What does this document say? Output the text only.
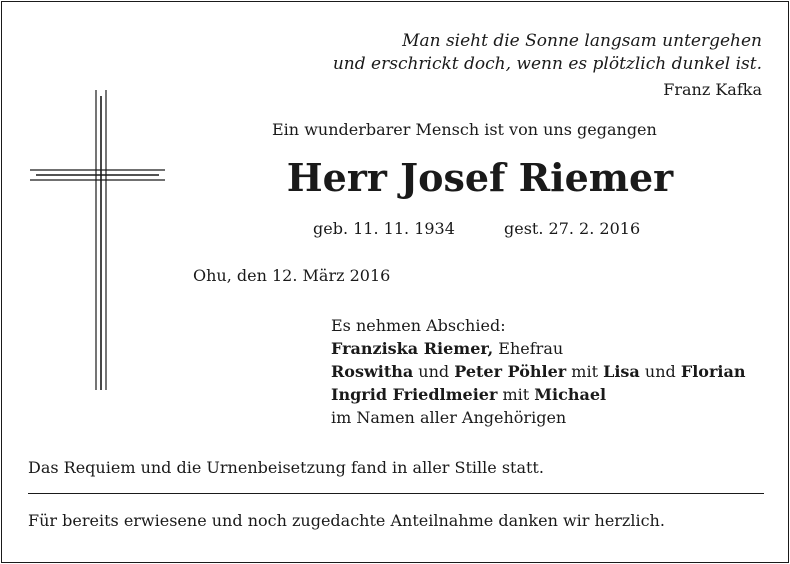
Man sieht die Sonne langsam untergehen
und erschrickt doch, wenn es plötzlich dunkel ist.
Franz Kafka
Ein wunderbarer Mensch ist von uns gegangen
Herr Josef Riemer
geb. 11. 11. 1934	gest. 27. 2. 2016
Ohu, den 12. März 2016
Es nehmen Abschied:
Franziska Riemer, Ehefrau
Roswitha und Peter Pöhler mit Lisa und Florian
Ingrid Friedlmeier mit Michael
im Namen aller Angehörigen
Das Requiem und die Urnenbeisetzung fand in aller Stille statt.
Für bereits erwiesene und noch zugedachte Anteilnahme danken wir herzlich.
